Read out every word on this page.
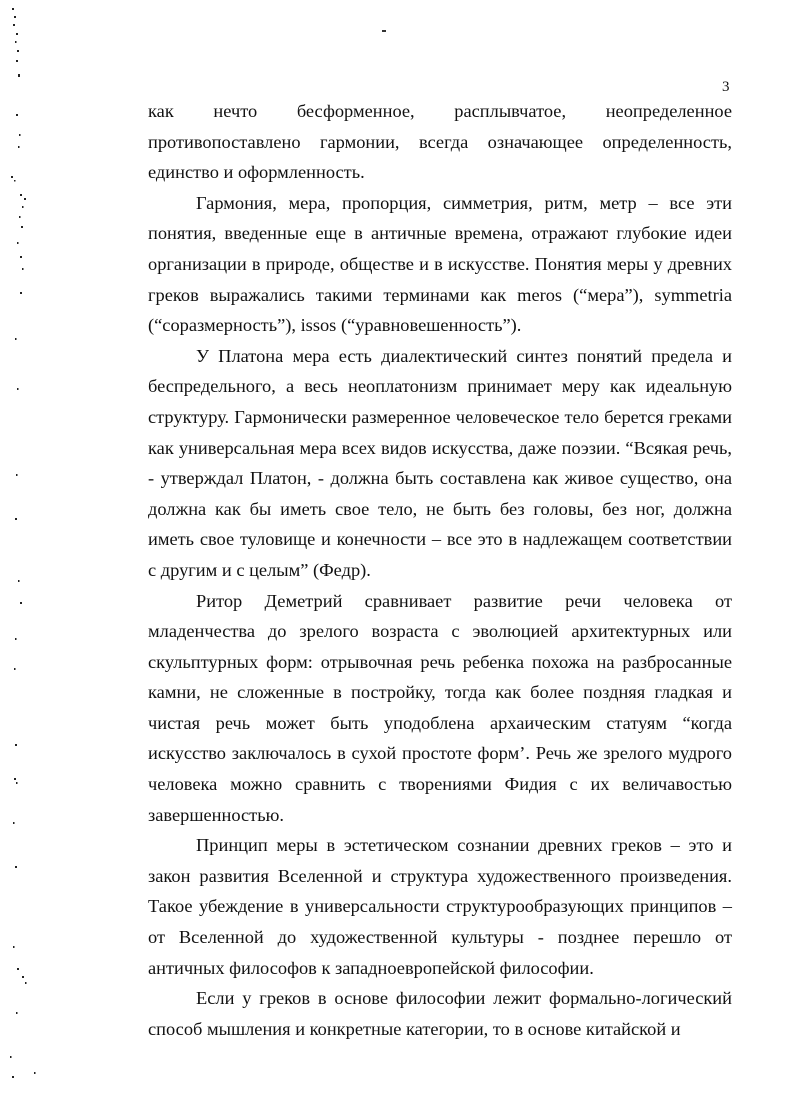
3

как нечто бесформенное, расплывчатое, неопределенное противопоставлено гармонии, всегда означающее определенность, единство и оформленность.

Гармония, мера, пропорция, симметрия, ритм, метр – все эти понятия, введенные еще в античные времена, отражают глубокие идеи организации в природе, обществе и в искусстве. Понятия меры у древних греков выражались такими терминами как meros (“мера”), symmetria (“соразмерность”), issos (“уравновешенность”).

У Платона мера есть диалектический синтез понятий предела и беспредельного, а весь неоплатонизм принимает меру как идеальную структуру. Гармонически размеренное человеческое тело берется греками как универсальная мера всех видов искусства, даже поэзии. “Всякая речь, - утверждал Платон, - должна быть составлена как живое существо, она должна как бы иметь свое тело, не быть без головы, без ног, должна иметь свое туловище и конечности – все это в надлежащем соответствии с другим и с целым” (Федр).

Ритор Деметрий сравнивает развитие речи человека от младенчества до зрелого возраста с эволюцией архитектурных или скульптурных форм: отрывочная речь ребенка похожа на разбросанные камни, не сложенные в постройку, тогда как более поздняя гладкая и чистая речь может быть уподоблена архаическим статуям “когда искусство заключалось в сухой простоте форм’. Речь же зрелого мудрого человека можно сравнить с творениями Фидия с их величавостью завершенностью.

Принцип меры в эстетическом сознании древних греков – это и закон развития Вселенной и структура художественного произведения. Такое убеждение в универсальности структурообразующих принципов – от Вселенной до художественной культуры - позднее перешло от античных философов к западноевропейской философии.

Если у греков в основе философии лежит формально-логический способ мышления и конкретные категории, то в основе китайской и
